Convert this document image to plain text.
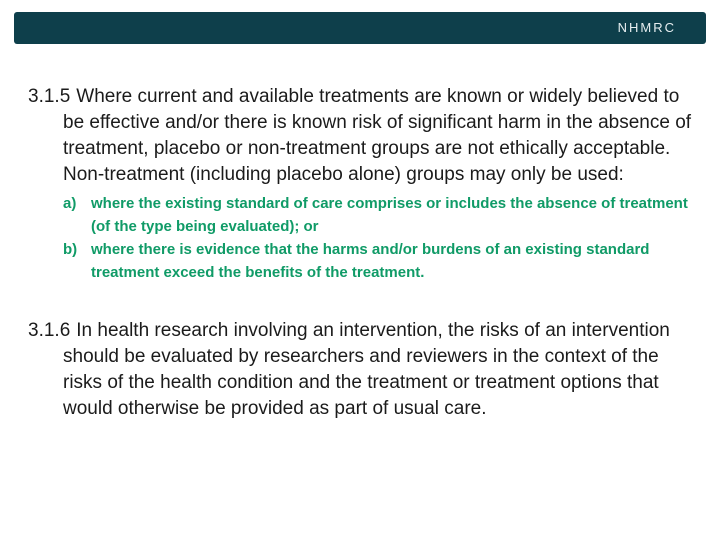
NHMRC

3.1.5 Where current and available treatments are known or widely believed to be effective and/or there is known risk of significant harm in the absence of treatment, placebo or non-treatment groups are not ethically acceptable. Non-treatment (including placebo alone) groups may only be used:

a) where the existing standard of care comprises or includes the absence of treatment (of the type being evaluated); or
b) where there is evidence that the harms and/or burdens of an existing standard treatment exceed the benefits of the treatment.

3.1.6 In health research involving an intervention, the risks of an intervention should be evaluated by researchers and reviewers in the context of the risks of the health condition and the treatment or treatment options that would otherwise be provided as part of usual care.
